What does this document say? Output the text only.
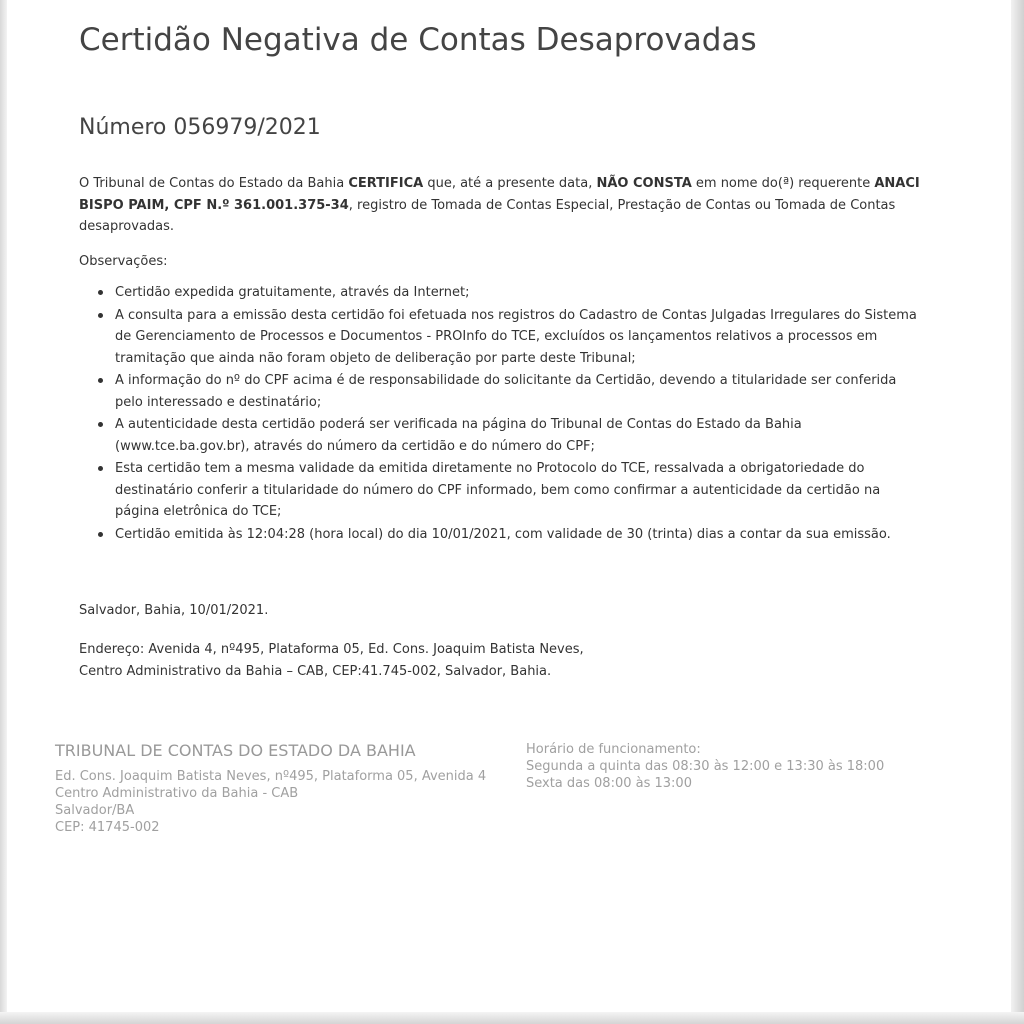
Certidão Negativa de Contas Desaprovadas
Número 056979/2021

O Tribunal de Contas do Estado da Bahia CERTIFICA que, até a presente data, NÃO CONSTA em nome do(ª) requerente ANACI BISPO PAIM, CPF N.º 361.001.375-34, registro de Tomada de Contas Especial, Prestação de Contas ou Tomada de Contas desaprovadas.

Observações:

Certidão expedida gratuitamente, através da Internet;
A consulta para a emissão desta certidão foi efetuada nos registros do Cadastro de Contas Julgadas Irregulares do Sistema de Gerenciamento de Processos e Documentos - PROInfo do TCE, excluídos os lançamentos relativos a processos em tramitação que ainda não foram objeto de deliberação por parte deste Tribunal;
A informação do nº do CPF acima é de responsabilidade do solicitante da Certidão, devendo a titularidade ser conferida pelo interessado e destinatário;
A autenticidade desta certidão poderá ser verificada na página do Tribunal de Contas do Estado da Bahia (www.tce.ba.gov.br), através do número da certidão e do número do CPF;
Esta certidão tem a mesma validade da emitida diretamente no Protocolo do TCE, ressalvada a obrigatoriedade do destinatário conferir a titularidade do número do CPF informado, bem como confirmar a autenticidade da certidão na página eletrônica do TCE;
Certidão emitida às 12:04:28 (hora local) do dia 10/01/2021, com validade de 30 (trinta) dias a contar da sua emissão.

Salvador, Bahia, 10/01/2021.

Endereço: Avenida 4, nº495, Plataforma 05, Ed. Cons. Joaquim Batista Neves,
Centro Administrativo da Bahia – CAB, CEP:41.745-002, Salvador, Bahia.

TRIBUNAL DE CONTAS DO ESTADO DA BAHIA

Ed. Cons. Joaquim Batista Neves, nº495, Plataforma 05, Avenida 4
Centro Administrativo da Bahia - CAB
Salvador/BA
CEP: 41745-002

Horário de funcionamento:
Segunda a quinta das 08:30 às 12:00 e 13:30 às 18:00
Sexta das 08:00 às 13:00
